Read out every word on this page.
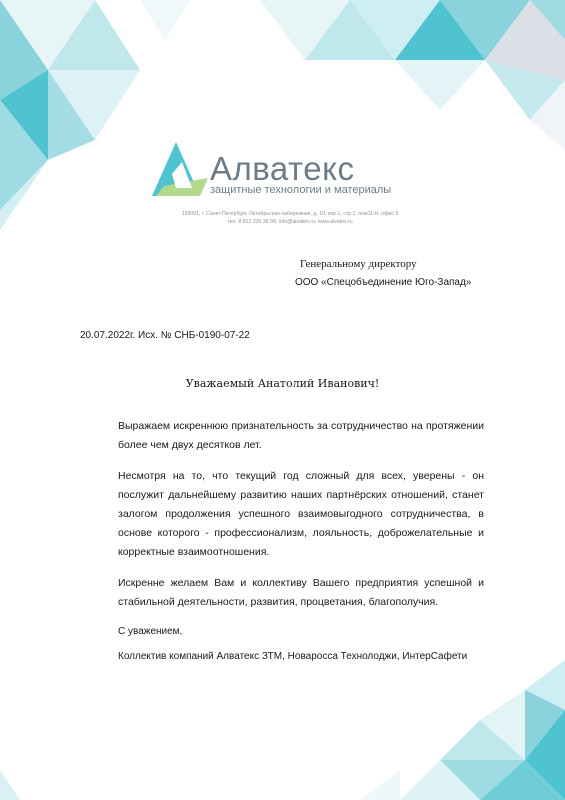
Алватекс
защитные технологии и материалы
193091, г. Санкт-Петербург, Октябрьская набережная, д. 10, кор.1, стр.1, пом11-Н, офис 5
тел. 8 812 336 36 00; info@alvatex.ru; www.alvatex.ru
Генеральному директору
ООО «Спецобъединение Юго-Запад»
20.07.2022г. Исх. № СНБ-0190-07-22
Уважаемый Анатолий Иванович!

Выражаем искреннюю признательность за сотрудничество на протяжении более чем двух десятков лет.

Несмотря на то, что текущий год сложный для всех, уверены - он послужит дальнейшему развитию наших партнёрских отношений, станет залогом продолжения успешного взаимовыгодного сотрудничества, в основе которого - профессионализм, лояльность, доброжелательные и корректные взаимоотношения.

Искренне желаем Вам и коллективу Вашего предприятия успешной и стабильной деятельности, развития, процветания, благополучия.

С уважением,
Коллектив компаний Алватекс ЗТМ, Новаросса Технолоджи, ИнтерСафети
